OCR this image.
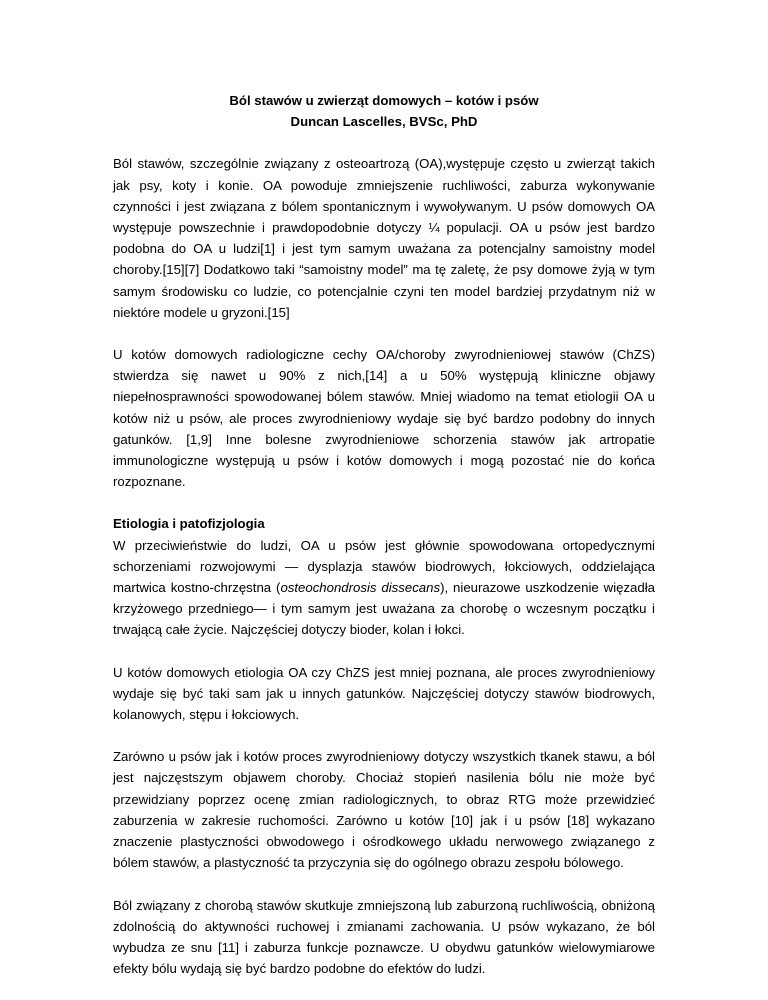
Ból stawów u zwierząt domowych – kotów i psów
Duncan Lascelles, BVSc, PhD

Ból stawów, szczególnie związany z osteoartrozą (OA),występuje często u zwierząt takich jak psy, koty i konie. OA powoduje zmniejszenie ruchliwości, zaburza wykonywanie czynności i jest związana z bólem spontanicznym i wywoływanym. U psów domowych OA występuje powszechnie i prawdopodobnie dotyczy ¼ populacji. OA u psów jest bardzo podobna do OA u ludzi[1] i jest tym samym uważana za potencjalny samoistny model choroby.[15][7] Dodatkowo taki “samoistny model” ma tę zaletę, że psy domowe żyją w tym samym środowisku co ludzie, co potencjalnie czyni ten model bardziej przydatnym niż w niektóre modele u gryzoni.[15]

U kotów domowych radiologiczne cechy OA/choroby zwyrodnieniowej stawów (ChZS) stwierdza się nawet u 90% z nich,[14] a u 50% występują kliniczne objawy niepełnosprawności spowodowanej bólem stawów. Mniej wiadomo na temat etiologii OA u kotów niż u psów, ale proces zwyrodnieniowy wydaje się być bardzo podobny do innych gatunków. [1,9] Inne bolesne zwyrodnieniowe schorzenia stawów jak artropatie immunologiczne występują u psów i kotów domowych i mogą pozostać nie do końca rozpoznane.

Etiologia i patofizjologia

W przeciwieństwie do ludzi, OA u psów jest głównie spowodowana ortopedycznymi schorzeniami rozwojowymi — dysplazja stawów biodrowych, łokciowych, oddzielająca martwica kostno-chrzęstna (osteochondrosis dissecans), nieurazowe uszkodzenie więzadła krzyżowego przedniego— i tym samym jest uważana za chorobę o wczesnym początku i trwającą całe życie. Najczęściej dotyczy bioder, kolan i łokci.

U kotów domowych etiologia OA czy ChZS jest mniej poznana, ale proces zwyrodnieniowy wydaje się być taki sam jak u innych gatunków. Najczęściej dotyczy stawów biodrowych, kolanowych, stępu i łokciowych.

Zarówno u psów jak i kotów proces zwyrodnieniowy dotyczy wszystkich tkanek stawu, a ból jest najczęstszym objawem choroby. Chociaż stopień nasilenia bólu nie może być przewidziany poprzez ocenę zmian radiologicznych, to obraz RTG może przewidzieć zaburzenia w zakresie ruchomości. Zarówno u kotów [10] jak i u psów [18] wykazano znaczenie plastyczności obwodowego i ośrodkowego układu nerwowego związanego z bólem stawów, a plastyczność ta przyczynia się do ogólnego obrazu zespołu bólowego.

Ból związany z chorobą stawów skutkuje zmniejszoną lub zaburzoną ruchliwością, obniżoną zdolnością do aktywności ruchowej i zmianami zachowania. U psów wykazano, że ból wybudza ze snu [11] i zaburza funkcje poznawcze. U obydwu gatunków wielowymiarowe efekty bólu wydają się być bardzo podobne do efektów do ludzi.
